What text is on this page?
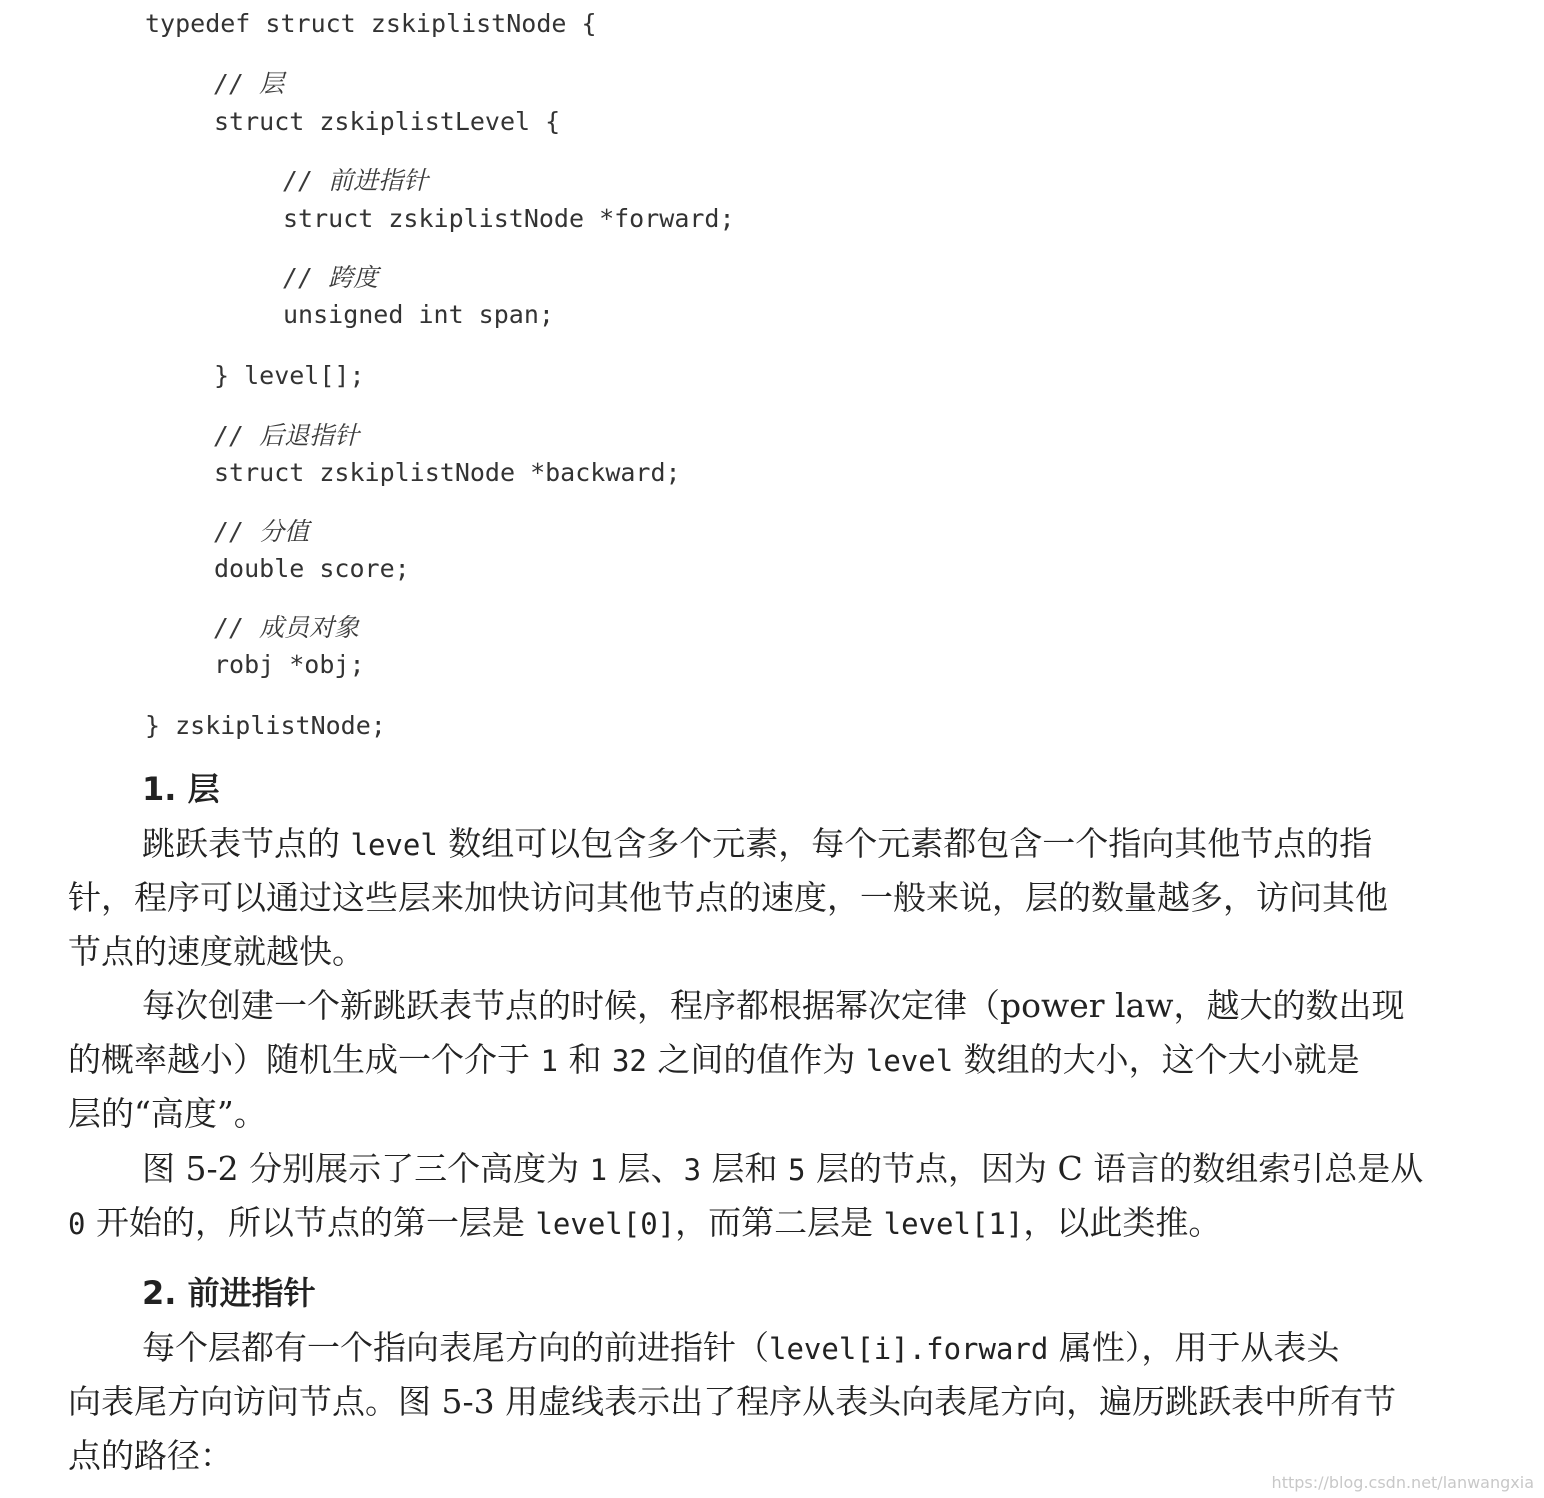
typedef struct zskiplistNode {

// 层

struct zskiplistLevel {

// 前进指针

struct zskiplistNode *forward;

// 跨度

unsigned int span;

} level[];

// 后退指针

struct zskiplistNode *backward;

// 分值

double score;

// 成员对象

robj *obj;

} zskiplistNode;

1. 层
跳跃表节点的 level 数组可以包含多个元素，每个元素都包含一个指向其他节点的指
针，程序可以通过这些层来加快访问其他节点的速度，一般来说，层的数量越多，访问其他
节点的速度就越快。
每次创建一个新跳跃表节点的时候，程序都根据幂次定律（power law，越大的数出现
的概率越小）随机生成一个介于 1 和 32 之间的值作为 level 数组的大小，这个大小就是
层的“高度”。
图 5-2 分别展示了三个高度为 1 层、3 层和 5 层的节点，因为 C 语言的数组索引总是从
0 开始的，所以节点的第一层是 level[0]，而第二层是 level[1]，以此类推。
2. 前进指针
每个层都有一个指向表尾方向的前进指针（level[i].forward 属性），用于从表头
向表尾方向访问节点。图 5-3 用虚线表示出了程序从表头向表尾方向，遍历跳跃表中所有节
点的路径：
https://blog.csdn.net/lanwangxia
